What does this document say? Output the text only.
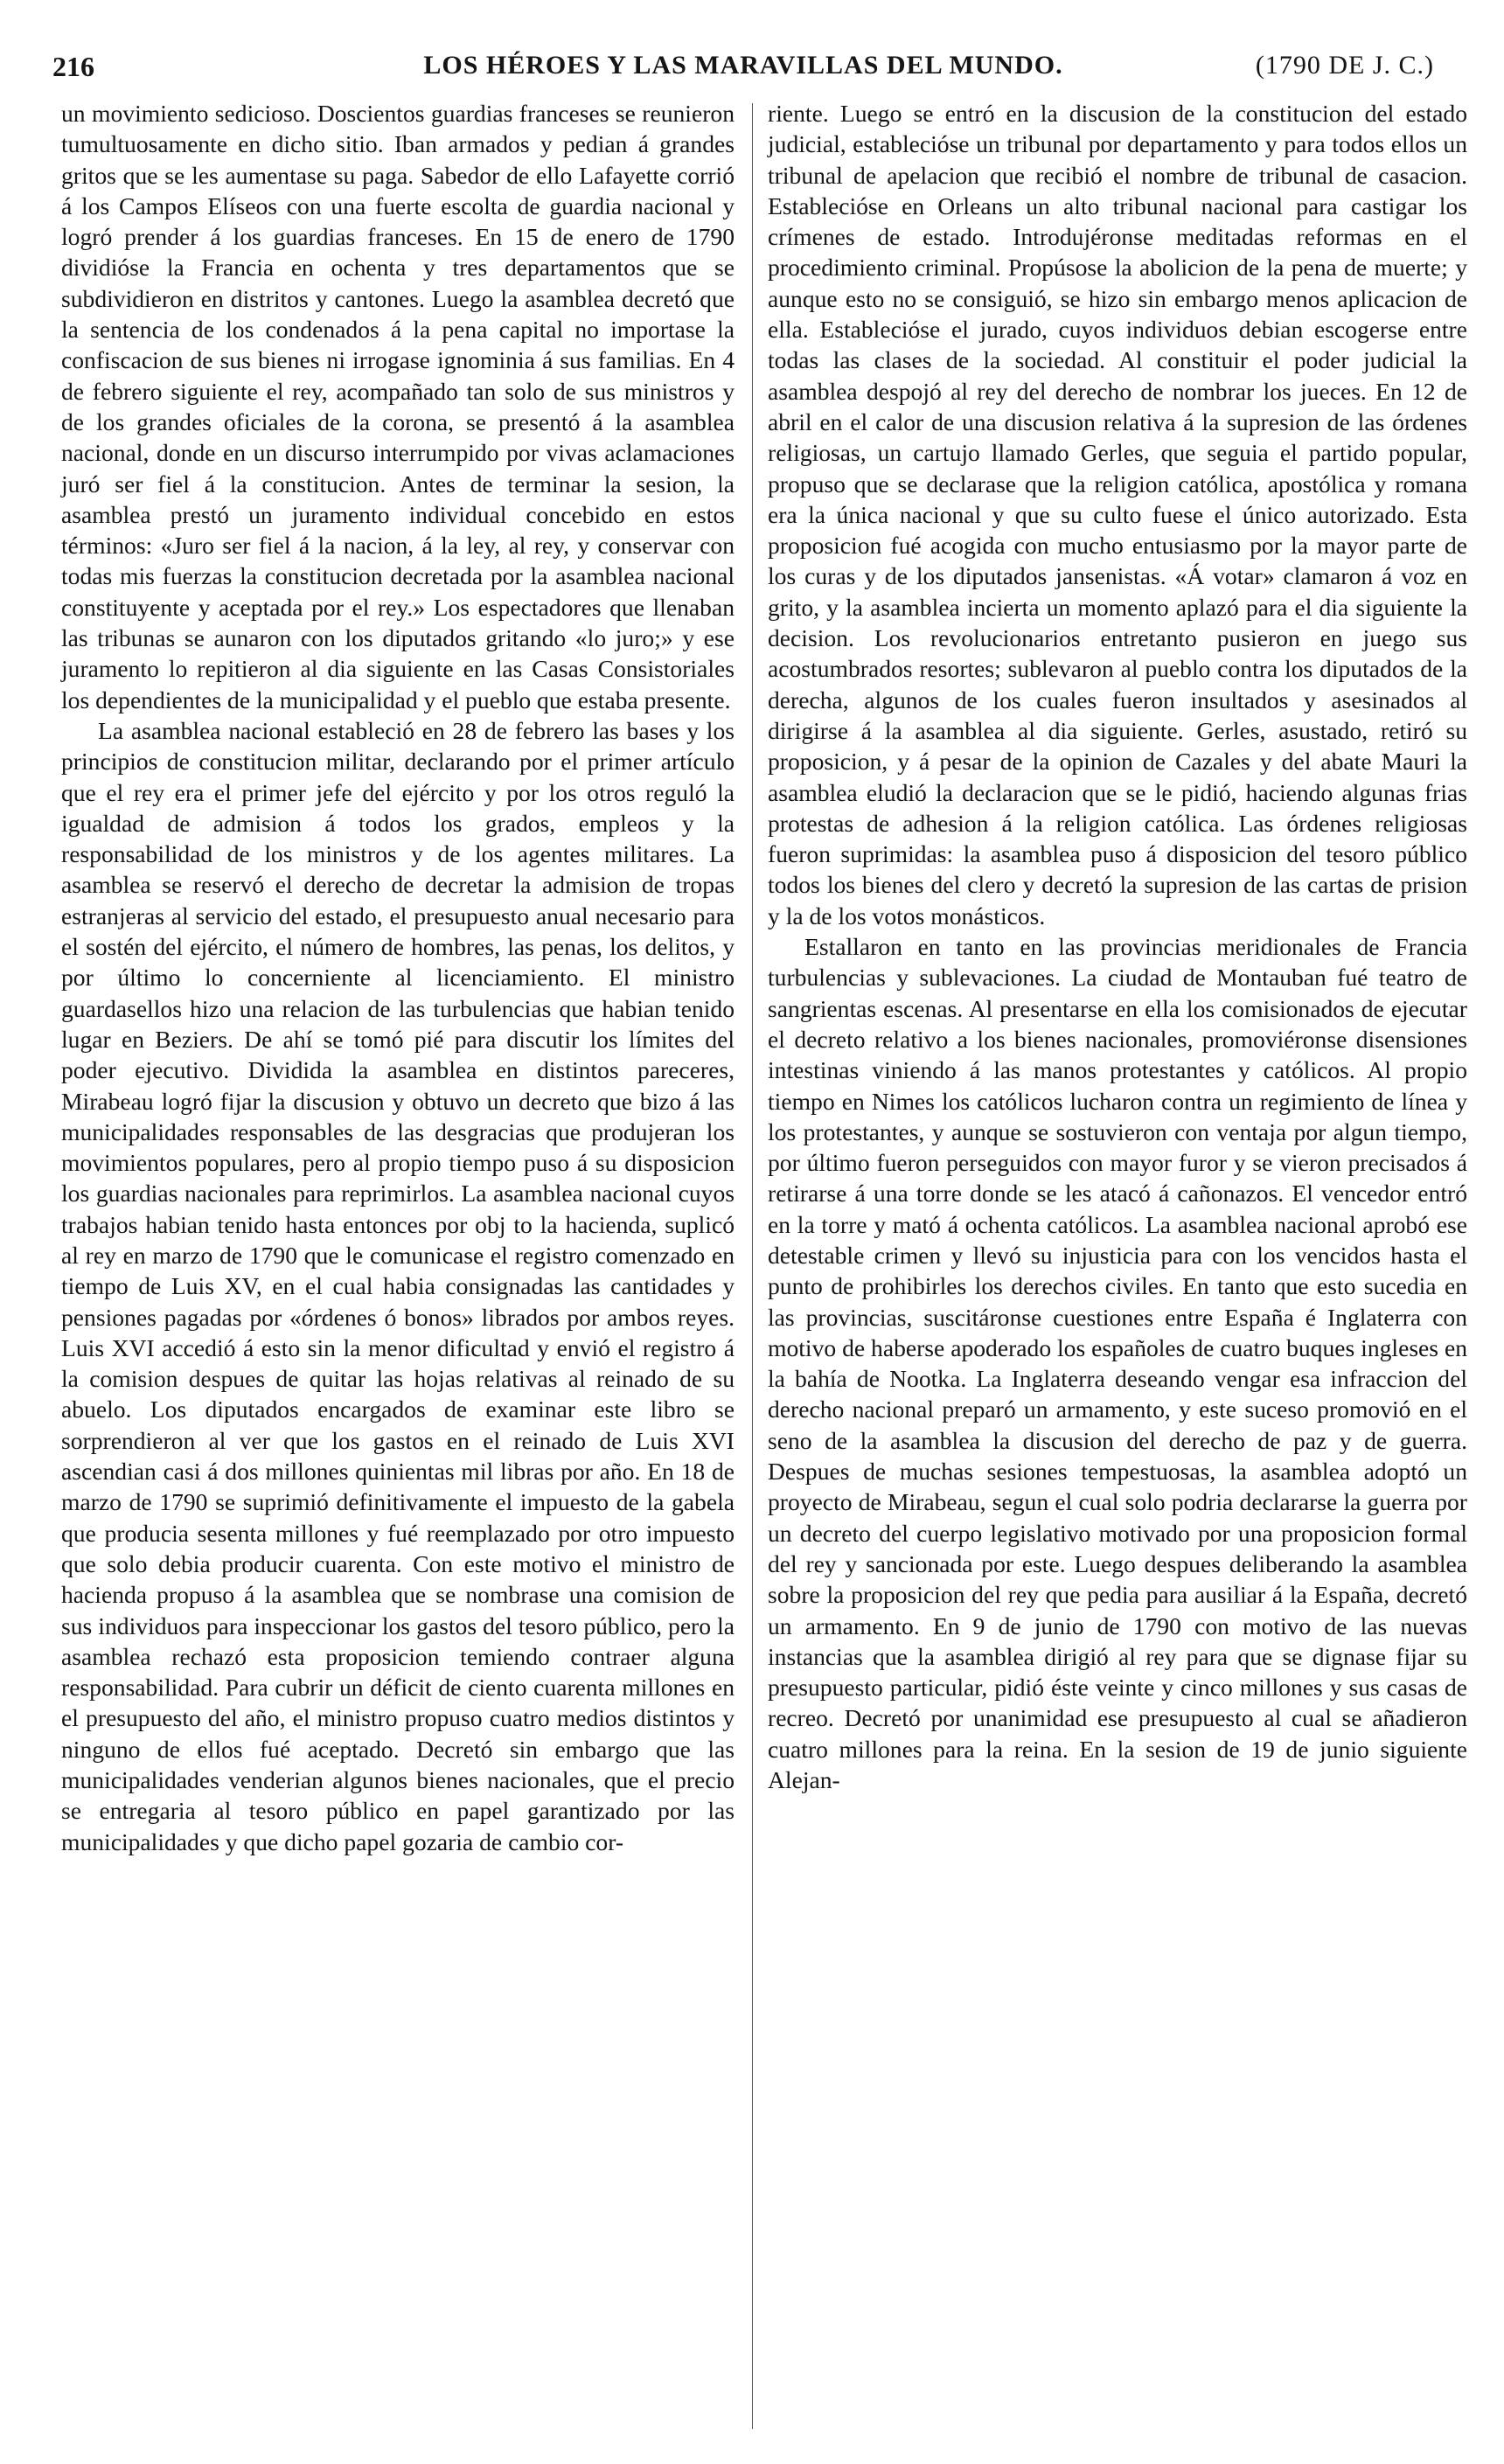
216	LOS HÉROES Y LAS MARAVILLAS DEL MUNDO.	(1790 DE J. C.)

un movimiento sedicioso. Doscientos guardias franceses se reunieron tumultuosamente en dicho sitio. Iban armados y pedian á grandes gritos que se les aumentase su paga. Sabedor de ello Lafayette corrió á los Campos Elíseos con una fuerte escolta de guardia nacional y logró prender á los guardias franceses. En 15 de enero de 1790 dividióse la Francia en ochenta y tres departamentos que se subdividieron en distritos y cantones. Luego la asamblea decretó que la sentencia de los condenados á la pena capital no importase la confiscacion de sus bienes ni irrogase ignominia á sus familias. En 4 de febrero siguiente el rey, acompañado tan solo de sus ministros y de los grandes oficiales de la corona, se presentó á la asamblea nacional, donde en un discurso interrumpido por vivas aclamaciones juró ser fiel á la constitucion. Antes de terminar la sesion, la asamblea prestó un juramento individual concebido en estos términos: «Juro ser fiel á la nacion, á la ley, al rey, y conservar con todas mis fuerzas la constitucion decretada por la asamblea nacional constituyente y aceptada por el rey.» Los espectadores que llenaban las tribunas se aunaron con los diputados gritando «lo juro;» y ese juramento lo repitieron al dia siguiente en las Casas Consistoriales los dependientes de la municipalidad y el pueblo que estaba presente.

La asamblea nacional estableció en 28 de febrero las bases y los principios de constitucion militar, declarando por el primer artículo que el rey era el primer jefe del ejército y por los otros reguló la igualdad de admision á todos los grados, empleos y la responsabilidad de los ministros y de los agentes militares. La asamblea se reservó el derecho de decretar la admision de tropas estranjeras al servicio del estado, el presupuesto anual necesario para el sostén del ejército, el número de hombres, las penas, los delitos, y por último lo concerniente al licenciamiento. El ministro guardasellos hizo una relacion de las turbulencias que habian tenido lugar en Beziers. De ahí se tomó pié para discutir los límites del poder ejecutivo. Dividida la asamblea en distintos pareceres, Mirabeau logró fijar la discusion y obtuvo un decreto que bizo á las municipalidades responsables de las desgracias que produjeran los movimientos populares, pero al propio tiempo puso á su disposicion los guardias nacionales para reprimirlos. La asamblea nacional cuyos trabajos habian tenido hasta entonces por obj to la hacienda, suplicó al rey en marzo de 1790 que le comunicase el registro comenzado en tiempo de Luis XV, en el cual habia consignadas las cantidades y pensiones pagadas por «órdenes ó bonos» librados por ambos reyes. Luis XVI accedió á esto sin la menor dificultad y envió el registro á la comision despues de quitar las hojas relativas al reinado de su abuelo. Los diputados encargados de examinar este libro se sorprendieron al ver que los gastos en el reinado de Luis XVI ascendian casi á dos millones quinientas mil libras por año. En 18 de marzo de 1790 se suprimió definitivamente el impuesto de la gabela que producia sesenta millones y fué reemplazado por otro impuesto que solo debia producir cuarenta. Con este motivo el ministro de hacienda propuso á la asamblea que se nombrase una comision de sus individuos para inspeccionar los gastos del tesoro público, pero la asamblea rechazó esta proposicion temiendo contraer alguna responsabilidad. Para cubrir un déficit de ciento cuarenta millones en el presupuesto del año, el ministro propuso cuatro medios distintos y ninguno de ellos fué aceptado. Decretó sin embargo que las municipalidades venderian algunos bienes nacionales, que el precio se entregaria al tesoro público en papel garantizado por las municipalidades y que dicho papel gozaria de cambio cor-

riente. Luego se entró en la discusion de la constitucion del estado judicial, establecióse un tribunal por departamento y para todos ellos un tribunal de apelacion que recibió el nombre de tribunal de casacion. Establecióse en Orleans un alto tribunal nacional para castigar los crímenes de estado. Introdujéronse meditadas reformas en el procedimiento criminal. Propúsose la abolicion de la pena de muerte; y aunque esto no se consiguió, se hizo sin embargo menos aplicacion de ella. Establecióse el jurado, cuyos individuos debian escogerse entre todas las clases de la sociedad. Al constituir el poder judicial la asamblea despojó al rey del derecho de nombrar los jueces. En 12 de abril en el calor de una discusion relativa á la supresion de las órdenes religiosas, un cartujo llamado Gerles, que seguia el partido popular, propuso que se declarase que la religion católica, apostólica y romana era la única nacional y que su culto fuese el único autorizado. Esta proposicion fué acogida con mucho entusiasmo por la mayor parte de los curas y de los diputados jansenistas. «Á votar» clamaron á voz en grito, y la asamblea incierta un momento aplazó para el dia siguiente la decision. Los revolucionarios entretanto pusieron en juego sus acostumbrados resortes; sublevaron al pueblo contra los diputados de la derecha, algunos de los cuales fueron insultados y asesinados al dirigirse á la asamblea al dia siguiente. Gerles, asustado, retiró su proposicion, y á pesar de la opinion de Cazales y del abate Mauri la asamblea eludió la declaracion que se le pidió, haciendo algunas frias protestas de adhesion á la religion católica. Las órdenes religiosas fueron suprimidas: la asamblea puso á disposicion del tesoro público todos los bienes del clero y decretó la supresion de las cartas de prision y la de los votos monásticos.

Estallaron en tanto en las provincias meridionales de Francia turbulencias y sublevaciones. La ciudad de Montauban fué teatro de sangrientas escenas. Al presentarse en ella los comisionados de ejecutar el decreto relativo a los bienes nacionales, promoviéronse disensiones intestinas viniendo á las manos protestantes y católicos. Al propio tiempo en Nimes los católicos lucharon contra un regimiento de línea y los protestantes, y aunque se sostuvieron con ventaja por algun tiempo, por último fueron perseguidos con mayor furor y se vieron precisados á retirarse á una torre donde se les atacó á cañonazos. El vencedor entró en la torre y mató á ochenta católicos. La asamblea nacional aprobó ese detestable crimen y llevó su injusticia para con los vencidos hasta el punto de prohibirles los derechos civiles. En tanto que esto sucedia en las provincias, suscitáronse cuestiones entre España é Inglaterra con motivo de haberse apoderado los españoles de cuatro buques ingleses en la bahía de Nootka. La Inglaterra deseando vengar esa infraccion del derecho nacional preparó un armamento, y este suceso promovió en el seno de la asamblea la discusion del derecho de paz y de guerra. Despues de muchas sesiones tempestuosas, la asamblea adoptó un proyecto de Mirabeau, segun el cual solo podria declararse la guerra por un decreto del cuerpo legislativo motivado por una proposicion formal del rey y sancionada por este. Luego despues deliberando la asamblea sobre la proposicion del rey que pedia para ausiliar á la España, decretó un armamento. En 9 de junio de 1790 con motivo de las nuevas instancias que la asamblea dirigió al rey para que se dignase fijar su presupuesto particular, pidió éste veinte y cinco millones y sus casas de recreo. Decretó por unanimidad ese presupuesto al cual se añadieron cuatro millones para la reina. En la sesion de 19 de junio siguiente Alejan-
